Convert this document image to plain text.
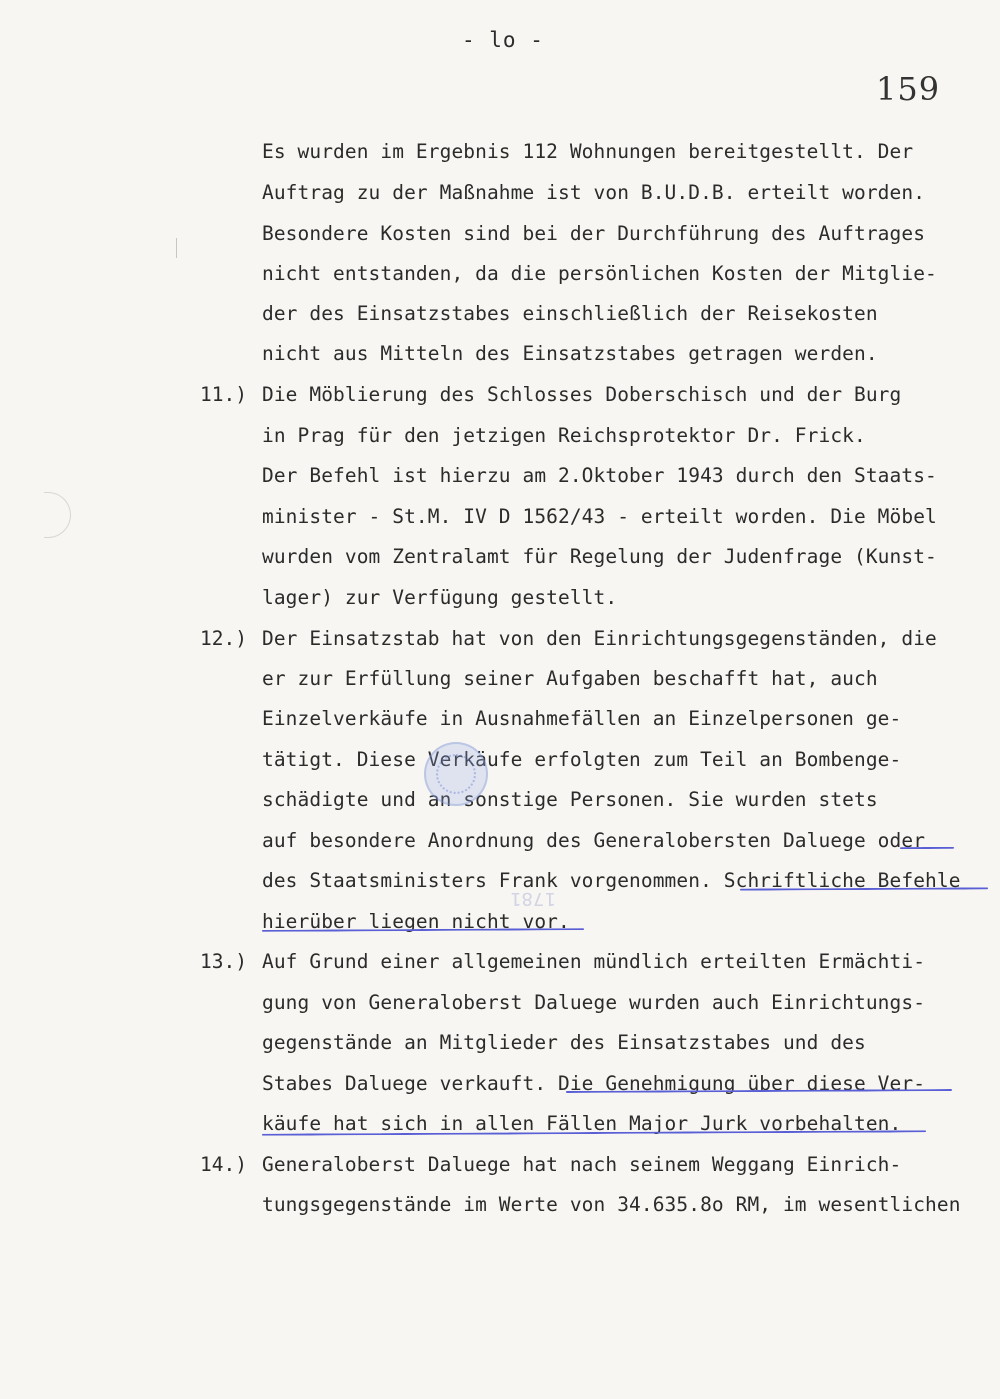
- lo -

159

Es wurden im Ergebnis 112 Wohnungen bereitgestellt. Der

Auftrag zu der Maßnahme ist von B.U.D.B. erteilt worden.

Besondere Kosten sind bei der Durchführung des Auftrages

nicht entstanden, da die persönlichen Kosten der Mitglie-

der des Einsatzstabes einschließlich der Reisekosten

nicht aus Mitteln des Einsatzstabes getragen werden.

11.) Die Möblierung des Schlosses Doberschisch und der Burg

in Prag für den jetzigen Reichsprotektor Dr. Frick.

Der Befehl ist hierzu am 2.Oktober 1943 durch den Staats-

minister - St.M. IV D 1562/43 - erteilt worden. Die Möbel

wurden vom Zentralamt für Regelung der Judenfrage (Kunst-

lager) zur Verfügung gestellt.

12.) Der Einsatzstab hat von den Einrichtungsgegenständen, die

er zur Erfüllung seiner Aufgaben beschafft hat, auch

Einzelverkäufe in Ausnahmefällen an Einzelpersonen ge-

tätigt. Diese Verkäufe erfolgten zum Teil an Bombenge-

schädigte und an sonstige Personen. Sie wurden stets

auf besondere Anordnung des Generalobersten Daluege oder

des Staatsministers Frank vorgenommen. Schriftliche Befehle

hierüber liegen nicht vor.

13.) Auf Grund einer allgemeinen mündlich erteilten Ermächti-

gung von Generaloberst Daluege wurden auch Einrichtungs-

gegenstände an Mitglieder des Einsatzstabes und des

Stabes Daluege verkauft. Die Genehmigung über diese Ver-

käufe hat sich in allen Fällen Major Jurk vorbehalten.

14.) Generaloberst Daluege hat nach seinem Weggang Einrich-

tungsgegenstände im Werte von 34.635.8o RM, im wesentlichen

1781
